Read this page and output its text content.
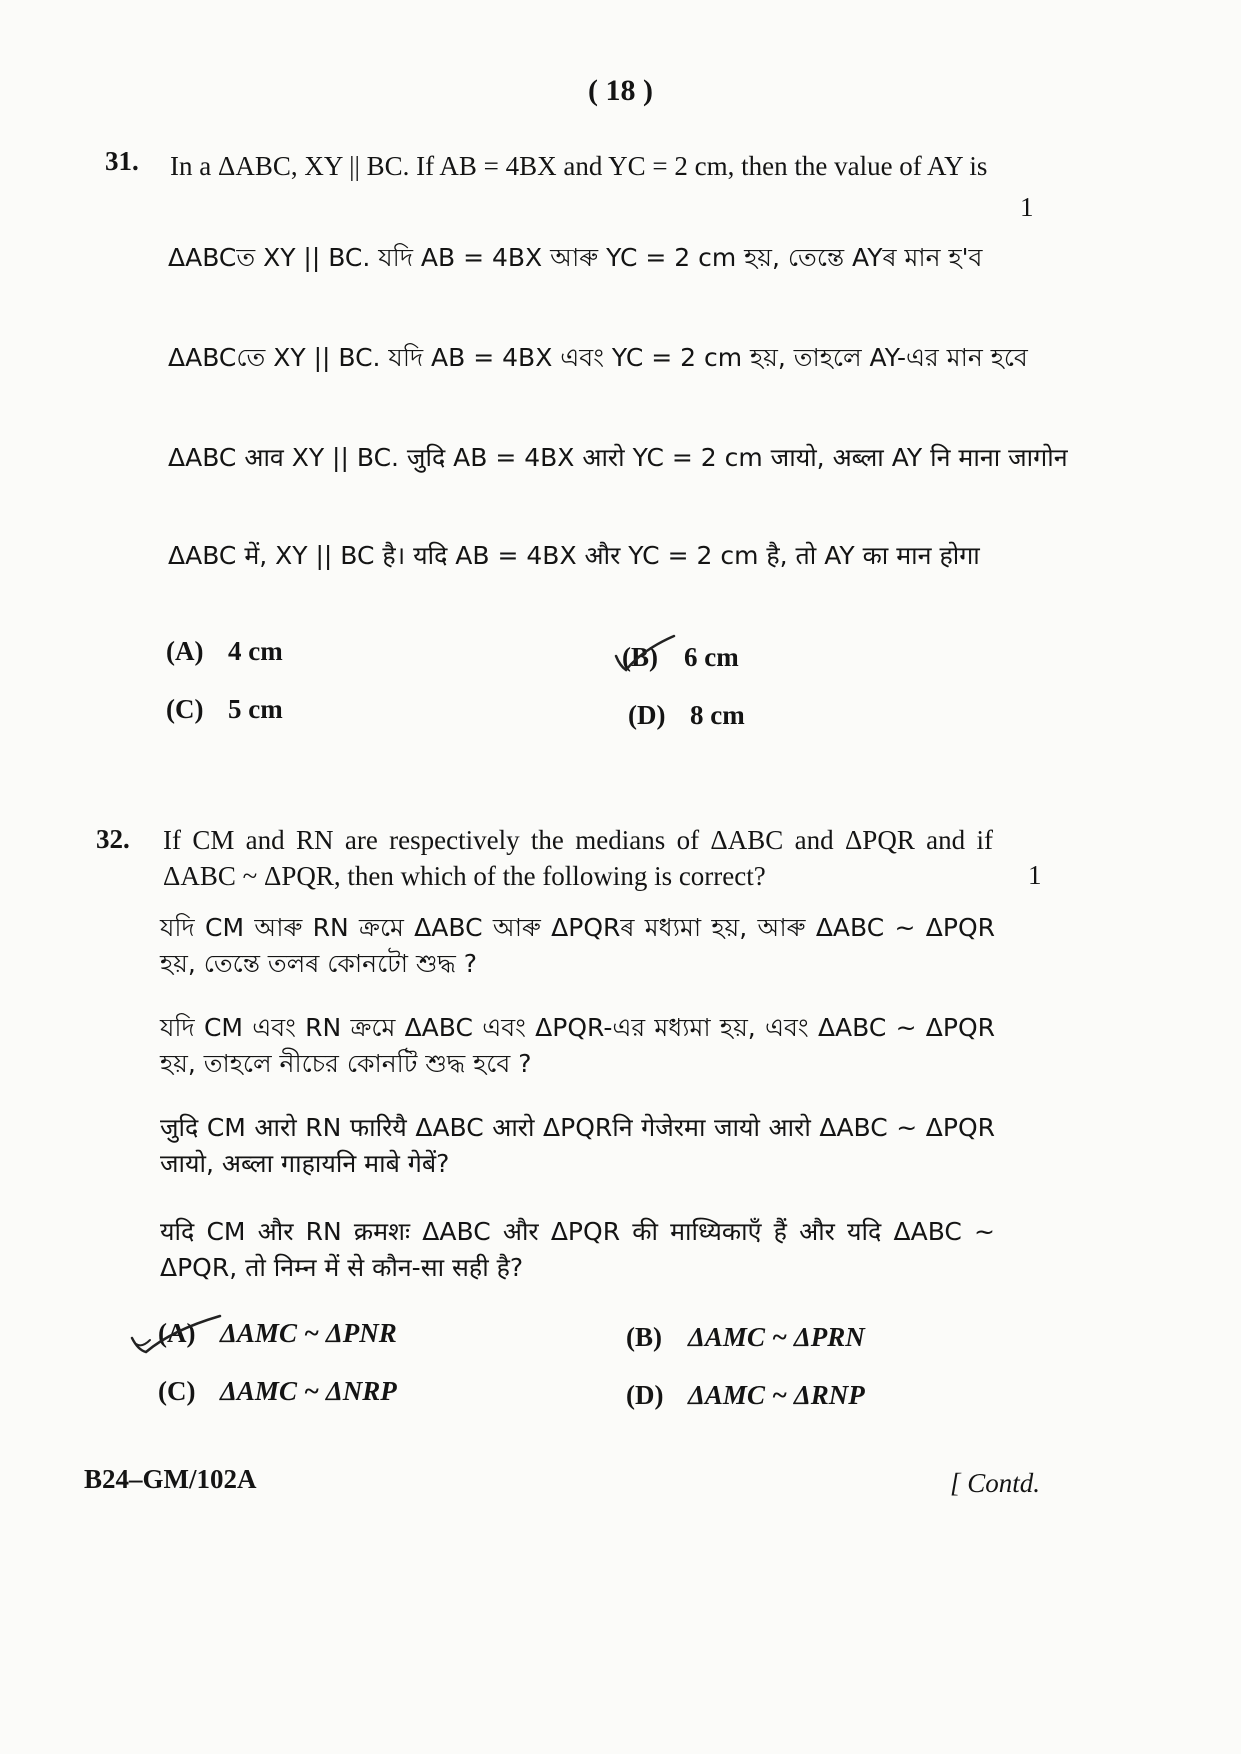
( 18 )
31. In a ΔABC, XY || BC. If AB = 4BX and YC = 2 cm, then the value of AY is
1
ΔABCত XY || BC. যদি AB = 4BX আৰু YC = 2 cm হয়, তেন্তে AYৰ মান হ'ব
ΔABCতে XY || BC. যদি AB = 4BX এবং YC = 2 cm হয়, তাহলে AY-এর মান হবে
ΔABC आव XY || BC. जुदि AB = 4BX आरो YC = 2 cm जायो, अब्ला AY नि माना जागोन
ΔABC में, XY || BC है। यदि AB = 4BX और YC = 2 cm है, तो AY का मान होगा
(A) 4 cm	(B) 6 cm
(C) 5 cm	(D) 8 cm
32. If CM and RN are respectively the medians of ΔABC and ΔPQR and if ΔABC ~ ΔPQR, then which of the following is correct?	1
যদি CM আৰু RN ক্ৰমে ΔABC আৰু ΔPQRৰ মধ্যমা হয়, আৰু ΔABC ~ ΔPQR হয়, তেন্তে তলৰ কোনটো শুদ্ধ ?
যদি CM এবং RN ক্রমে ΔABC এবং ΔPQR-এর মধ্যমা হয়, এবং ΔABC ~ ΔPQR হয়, তাহলে নীচের কোনটি শুদ্ধ হবে ?
जुदि CM आरो RN फारियै ΔABC आरो ΔPQRनि गेजेरमा जायो आरो ΔABC ~ ΔPQR जायो, अब्ला गाहायनि माबे गेबें?
यदि CM और RN क्रमशः ΔABC और ΔPQR की माध्यिकाएँ हैं और यदि ΔABC ~ ΔPQR, तो निम्न में से कौन-सा सही है?
(A) ΔAMC ~ ΔPNR	(B) ΔAMC ~ ΔPRN
(C) ΔAMC ~ ΔNRP	(D) ΔAMC ~ ΔRNP
B24–GM/102A	[ Contd.
